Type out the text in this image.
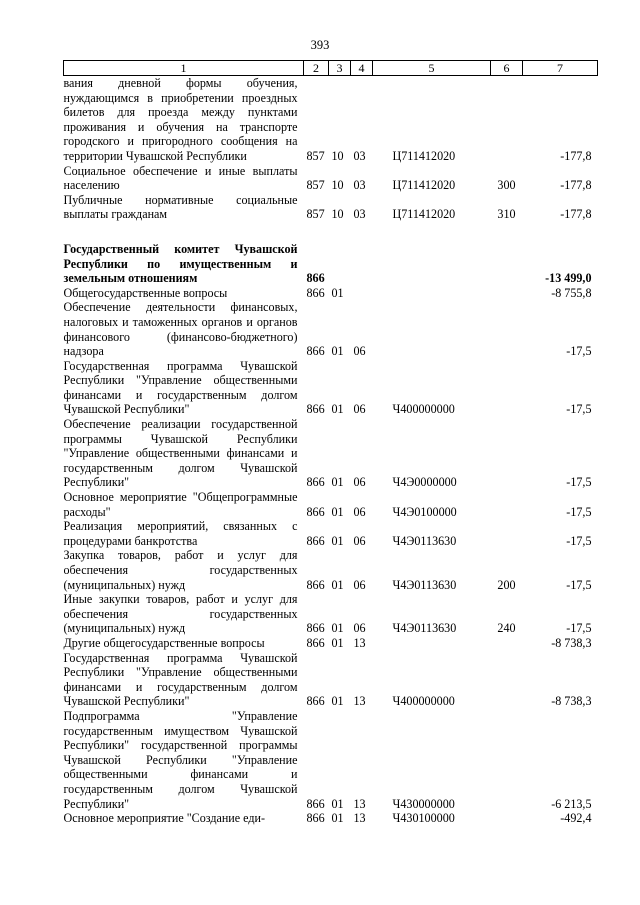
393
1	2	3	4	5	6	7
вания дневной формы обучения, нуждающимся в приобретении проездных билетов для проезда между пунктами проживания и обучения на транспорте городского и пригородного сообщения на территории Чувашской Республики	857	10	03	Ц711412020		-177,8
Социальное обеспечение и иные выплаты населению	857	10	03	Ц711412020	300	-177,8
Публичные нормативные социальные выплаты гражданам	857	10	03	Ц711412020	310	-177,8

Государственный комитет Чувашской Республики по имущественным и земельным отношениям	866					-13 499,0
Общегосударственные вопросы	866	01				-8 755,8
Обеспечение деятельности финансовых, налоговых и таможенных органов и органов финансового (финансово-бюджетного) надзора	866	01	06			-17,5
Государственная программа Чувашской Республики "Управление общественными финансами и государственным долгом Чувашской Республики"	866	01	06	Ч400000000		-17,5
Обеспечение реализации государственной программы Чувашской Республики "Управление общественными финансами и государственным долгом Чувашской Республики"	866	01	06	Ч4Э0000000		-17,5
Основное мероприятие "Общепрограммные расходы"	866	01	06	Ч4Э0100000		-17,5
Реализация мероприятий, связанных с процедурами банкротства	866	01	06	Ч4Э0113630		-17,5
Закупка товаров, работ и услуг для обеспечения государственных (муниципальных) нужд	866	01	06	Ч4Э0113630	200	-17,5
Иные закупки товаров, работ и услуг для обеспечения государственных (муниципальных) нужд	866	01	06	Ч4Э0113630	240	-17,5
Другие общегосударственные вопросы	866	01	13			-8 738,3
Государственная программа Чувашской Республики "Управление общественными финансами и государственным долгом Чувашской Республики"	866	01	13	Ч400000000		-8 738,3
Подпрограмма "Управление государственным имуществом Чувашской Республики" государственной программы Чувашской Республики "Управление общественными финансами и государственным долгом Чувашской Республики"	866	01	13	Ч430000000		-6 213,5
Основное мероприятие "Создание еди-	866	01	13	Ч430100000		-492,4
